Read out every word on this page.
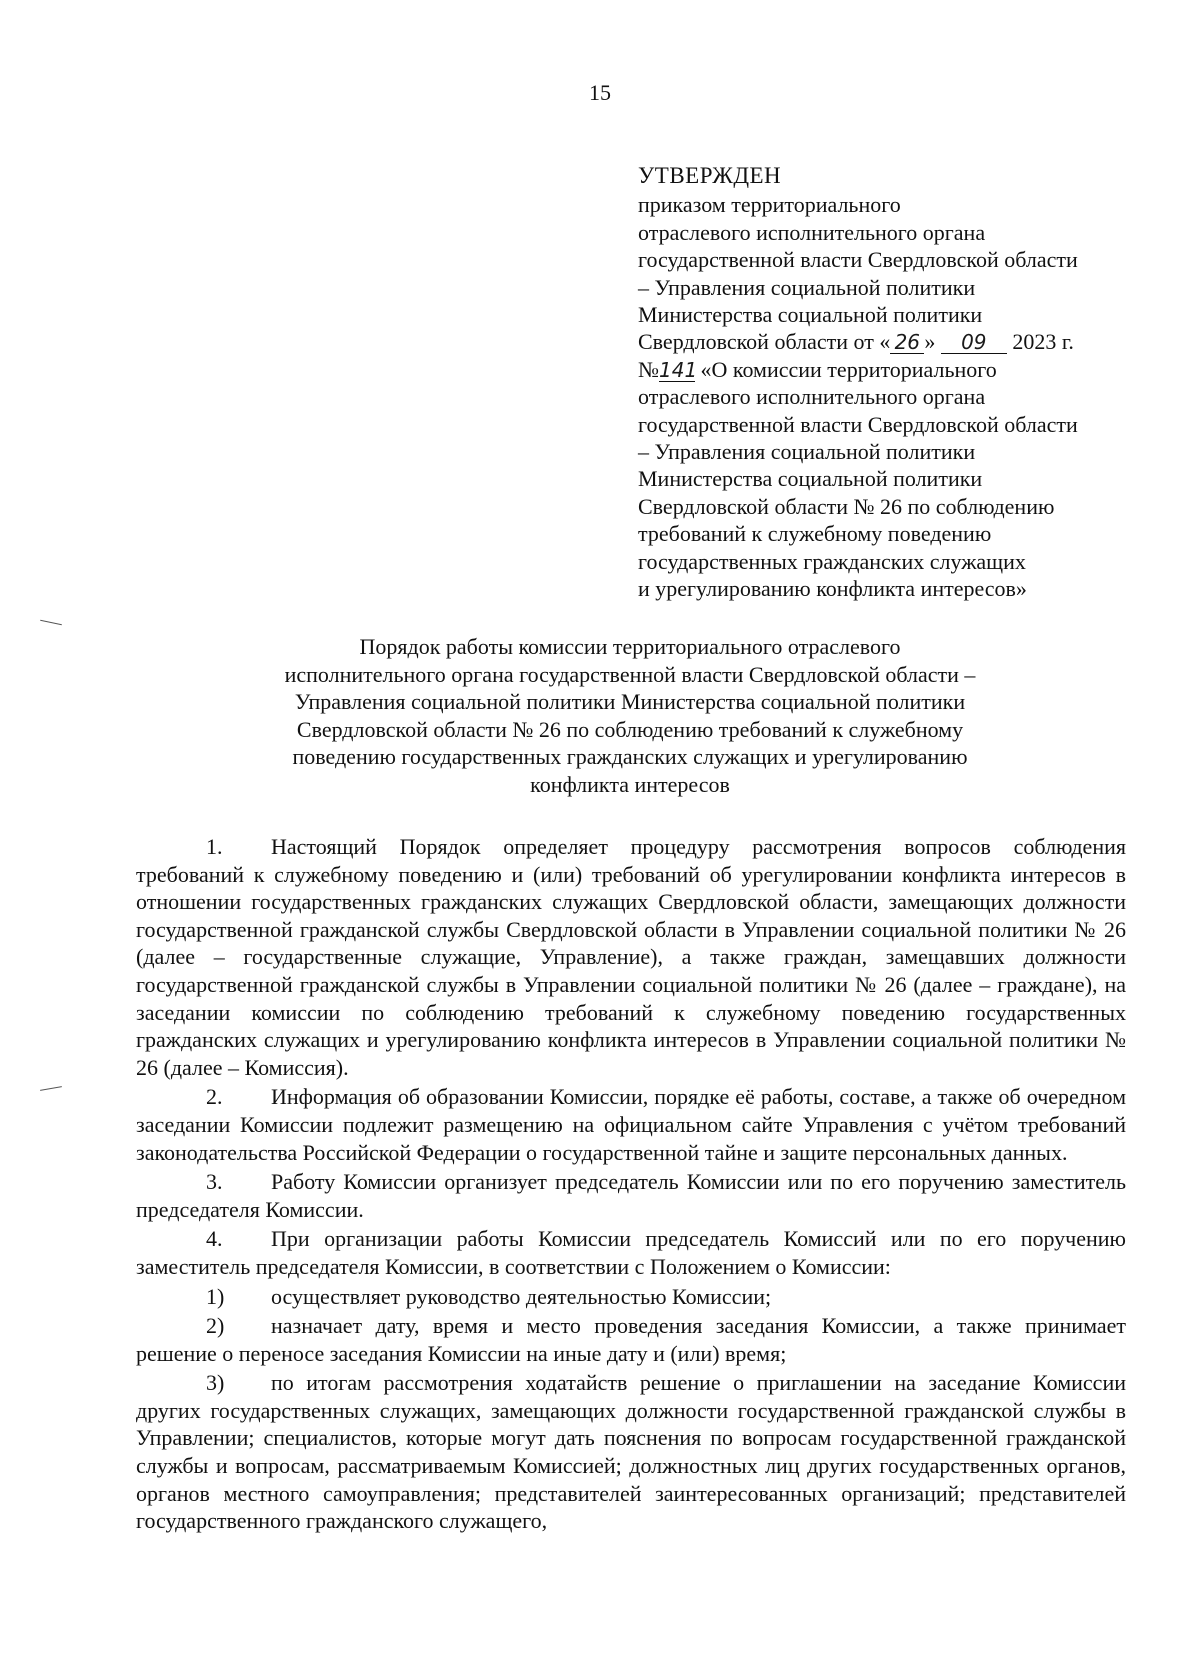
15
УТВЕРЖДЕН
приказом территориального
отраслевого исполнительного органа
государственной власти Свердловской области
– Управления социальной политики
Министерства социальной политики
Свердловской области от « 26 » 09 2023 г.
№141 «О комиссии территориального
отраслевого исполнительного органа
государственной власти Свердловской области
– Управления социальной политики
Министерства социальной политики
Свердловской области № 26 по соблюдению
требований к служебному поведению
государственных гражданских служащих
и урегулированию конфликта интересов»
Порядок работы комиссии территориального отраслевого
исполнительного органа государственной власти Свердловской области –
Управления социальной политики Министерства социальной политики
Свердловской области № 26 по соблюдению требований к служебному
поведению государственных гражданских служащих и урегулированию
конфликта интересов

1. Настоящий Порядок определяет процедуру рассмотрения вопросов соблюдения требований к служебному поведению и (или) требований об урегулировании конфликта интересов в отношении государственных гражданских служащих Свердловской области, замещающих должности государственной гражданской службы Свердловской области в Управлении социальной политики № 26 (далее – государственные служащие, Управление), а также граждан, замещавших должности государственной гражданской службы в Управлении социальной политики № 26 (далее – граждане), на заседании комиссии по соблюдению требований к служебному поведению государственных гражданских служащих и урегулированию конфликта интересов в Управлении социальной политики № 26 (далее – Комиссия).

2. Информация об образовании Комиссии, порядке её работы, составе, а также об очередном заседании Комиссии подлежит размещению на официальном сайте Управления с учётом требований законодательства Российской Федерации о государственной тайне и защите персональных данных.

3. Работу Комиссии организует председатель Комиссии или по его поручению заместитель председателя Комиссии.

4. При организации работы Комиссии председатель Комиссий или по его поручению заместитель председателя Комиссии, в соответствии с Положением о Комиссии:

1) осуществляет руководство деятельностью Комиссии;

2) назначает дату, время и место проведения заседания Комиссии, а также принимает решение о переносе заседания Комиссии на иные дату и (или) время;

3) по итогам рассмотрения ходатайств решение о приглашении на заседание Комиссии других государственных служащих, замещающих должности государственной гражданской службы в Управлении; специалистов, которые могут дать пояснения по вопросам государственной гражданской службы и вопросам, рассматриваемым Комиссией; должностных лиц других государственных органов, органов местного самоуправления; представителей заинтересованных организаций; представителей государственного гражданского служащего,
